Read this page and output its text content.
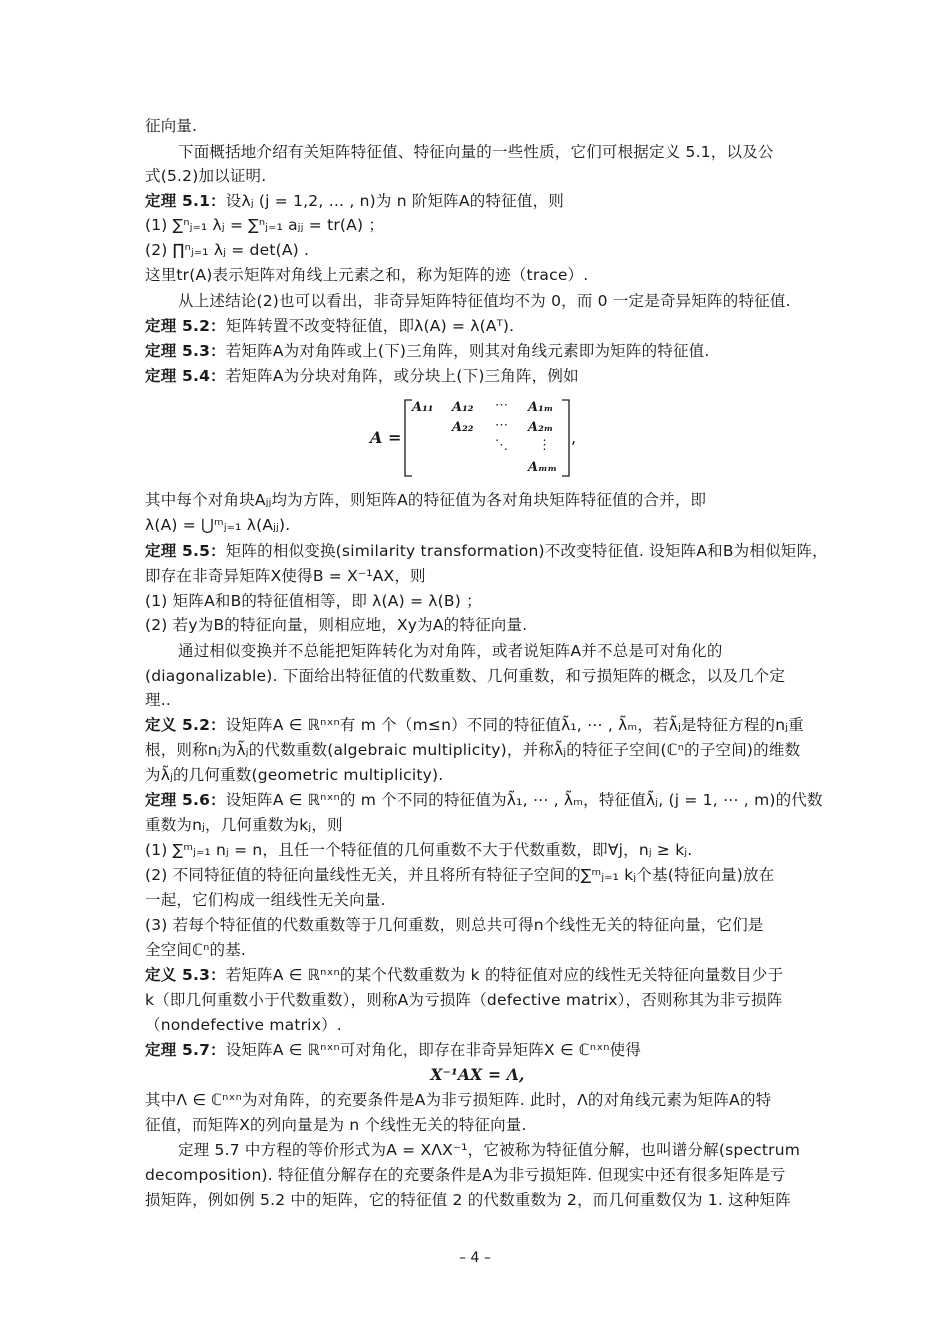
征向量.
下面概括地介绍有关矩阵特征值、特征向量的一些性质，它们可根据定义 5.1，以及公
式(5.2)加以证明.
定理 5.1：设λⱼ (j = 1,2, … , n)为 n 阶矩阵A的特征值，则
(1) ∑ⁿⱼ₌₁ λⱼ = ∑ⁿⱼ₌₁ aⱼⱼ = tr(A) ；
(2) ∏ⁿⱼ₌₁ λⱼ = det(A) .
这里tr(A)表示矩阵对角线上元素之和，称为矩阵的迹（trace）.
从上述结论(2)也可以看出，非奇异矩阵特征值均不为 0，而 0 一定是奇异矩阵的特征值.
定理 5.2：矩阵转置不改变特征值，即λ(A) = λ(Aᵀ).
定理 5.3：若矩阵A为对角阵或上(下)三角阵，则其对角线元素即为矩阵的特征值.
定理 5.4：若矩阵A为分块对角阵，或分块上(下)三角阵，例如
A =
A₁₁ A₁₂ ⋯ A₁ₘ
A₂₂ ⋯ A₂ₘ
⋱ ⋮
Aₘₘ
,
其中每个对角块Aⱼⱼ均为方阵，则矩阵A的特征值为各对角块矩阵特征值的合并，即
λ(A) = ⋃ᵐⱼ₌₁ λ(Aⱼⱼ).
定理 5.5：矩阵的相似变换(similarity transformation)不改变特征值. 设矩阵A和B为相似矩阵，
即存在非奇异矩阵X使得B = X⁻¹AX，则
(1) 矩阵A和B的特征值相等，即 λ(A) = λ(B) ；
(2) 若y为B的特征向量，则相应地，Xy为A的特征向量.
通过相似变换并不总能把矩阵转化为对角阵，或者说矩阵A并不总是可对角化的
(diagonalizable). 下面给出特征值的代数重数、几何重数，和亏损矩阵的概念，以及几个定
理..
定义 5.2：设矩阵A ∈ ℝⁿˣⁿ有 m 个（m≤n）不同的特征值λ̃₁, ⋯ , λ̃ₘ，若λ̃ⱼ是特征方程的nⱼ重
根，则称nⱼ为λ̃ⱼ的代数重数(algebraic multiplicity)，并称λ̃ⱼ的特征子空间(ℂⁿ的子空间)的维数
为λ̃ⱼ的几何重数(geometric multiplicity).
定理 5.6：设矩阵A ∈ ℝⁿˣⁿ的 m 个不同的特征值为λ̃₁, ⋯ , λ̃ₘ，特征值λ̃ⱼ, (j = 1, ⋯ , m)的代数
重数为nⱼ，几何重数为kⱼ，则
(1) ∑ᵐⱼ₌₁ nⱼ = n，且任一个特征值的几何重数不大于代数重数，即∀j，nⱼ ≥ kⱼ.
(2) 不同特征值的特征向量线性无关，并且将所有特征子空间的∑ᵐⱼ₌₁ kⱼ个基(特征向量)放在
一起，它们构成一组线性无关向量.
(3) 若每个特征值的代数重数等于几何重数，则总共可得n个线性无关的特征向量，它们是
全空间ℂⁿ的基.
定义 5.3：若矩阵A ∈ ℝⁿˣⁿ的某个代数重数为 k 的特征值对应的线性无关特征向量数目少于
k（即几何重数小于代数重数），则称A为亏损阵（defective matrix），否则称其为非亏损阵
（nondefective matrix）.
定理 5.7：设矩阵A ∈ ℝⁿˣⁿ可对角化，即存在非奇异矩阵X ∈ ℂⁿˣⁿ使得
X⁻¹AX = Λ,
其中Λ ∈ ℂⁿˣⁿ为对角阵，的充要条件是A为非亏损矩阵. 此时，Λ的对角线元素为矩阵A的特
征值，而矩阵X的列向量是为 n 个线性无关的特征向量.
定理 5.7 中方程的等价形式为A = XΛX⁻¹，它被称为特征值分解，也叫谱分解(spectrum
decomposition). 特征值分解存在的充要条件是A为非亏损矩阵. 但现实中还有很多矩阵是亏
损矩阵，例如例 5.2 中的矩阵，它的特征值 2 的代数重数为 2，而几何重数仅为 1. 这种矩阵
– 4 –
